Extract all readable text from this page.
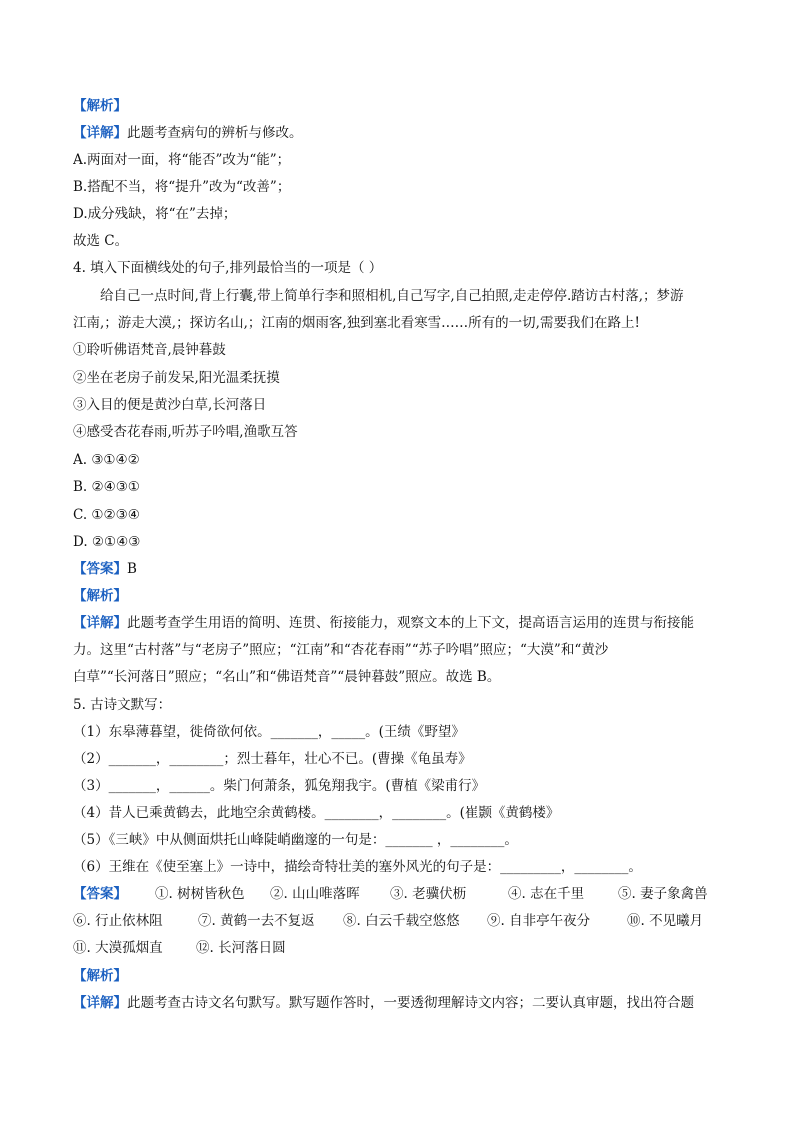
【解析】
【详解】此题考查病句的辨析与修改。
A.两面对一面，将“能否”改为“能”；
B.搭配不当，将“提升”改为“改善”；
D.成分残缺，将“在”去掉；
故选 C。
4. 填入下面横线处的句子,排列最恰当的一项是（ ）
给自己一点时间,背上行囊,带上简单行李和照相机,自己写字,自己拍照,走走停停.踏访古村落,；梦游
江南,；游走大漠,；探访名山,；江南的烟雨客,独到塞北看寒雪……所有的一切,需要我们在路上!
①聆听佛语梵音,晨钟暮鼓
②坐在老房子前发呆,阳光温柔抚摸
③入目的便是黄沙白草,长河落日
④感受杏花春雨,听苏子吟唱,渔歌互答
A. ③①④②
B. ②④③①
C. ①②③④
D. ②①④③
【答案】B
【解析】
【详解】此题考查学生用语的简明、连贯、衔接能力，观察文本的上下文，提高语言运用的连贯与衔接能
力。这里“古村落”与“老房子”照应；“江南”和“杏花春雨”“苏子吟唱”照应；“大漠”和“黄沙
白草”“长河落日”照应；“名山”和“佛语梵音”“晨钟暮鼓”照应。故选 B。
5. 古诗文默写：
（1）东皋薄暮望，徙倚欲何依。_______，_____。(王绩《野望》
（2）_______，________；烈士暮年，壮心不已。(曹操《龟虽寿》
（3）_______，______。柴门何萧条，狐兔翔我宇。(曹植《梁甫行》
（4）昔人已乘黄鹤去，此地空余黄鹤楼。________，________。(崔颢《黄鹤楼》
（5）《三峡》中从侧面烘托山峰陡峭幽邃的一句是：_______ ，________。
（6）王维在《使至塞上》一诗中，描绘奇特壮美的塞外风光的句子是：_________，________。
【答案】	①. 树树皆秋色	②. 山山唯落晖	③. 老骥伏枥	④. 志在千里	⑤. 妻子象禽兽
⑥. 行止依林阻	⑦. 黄鹤一去不复返	⑧. 白云千载空悠悠	⑨. 自非亭午夜分	⑩. 不见曦月
⑪. 大漠孤烟直	⑫. 长河落日圆
【解析】
【详解】此题考查古诗文名句默写。默写题作答时，一要透彻理解诗文内容；二要认真审题，找出符合题
